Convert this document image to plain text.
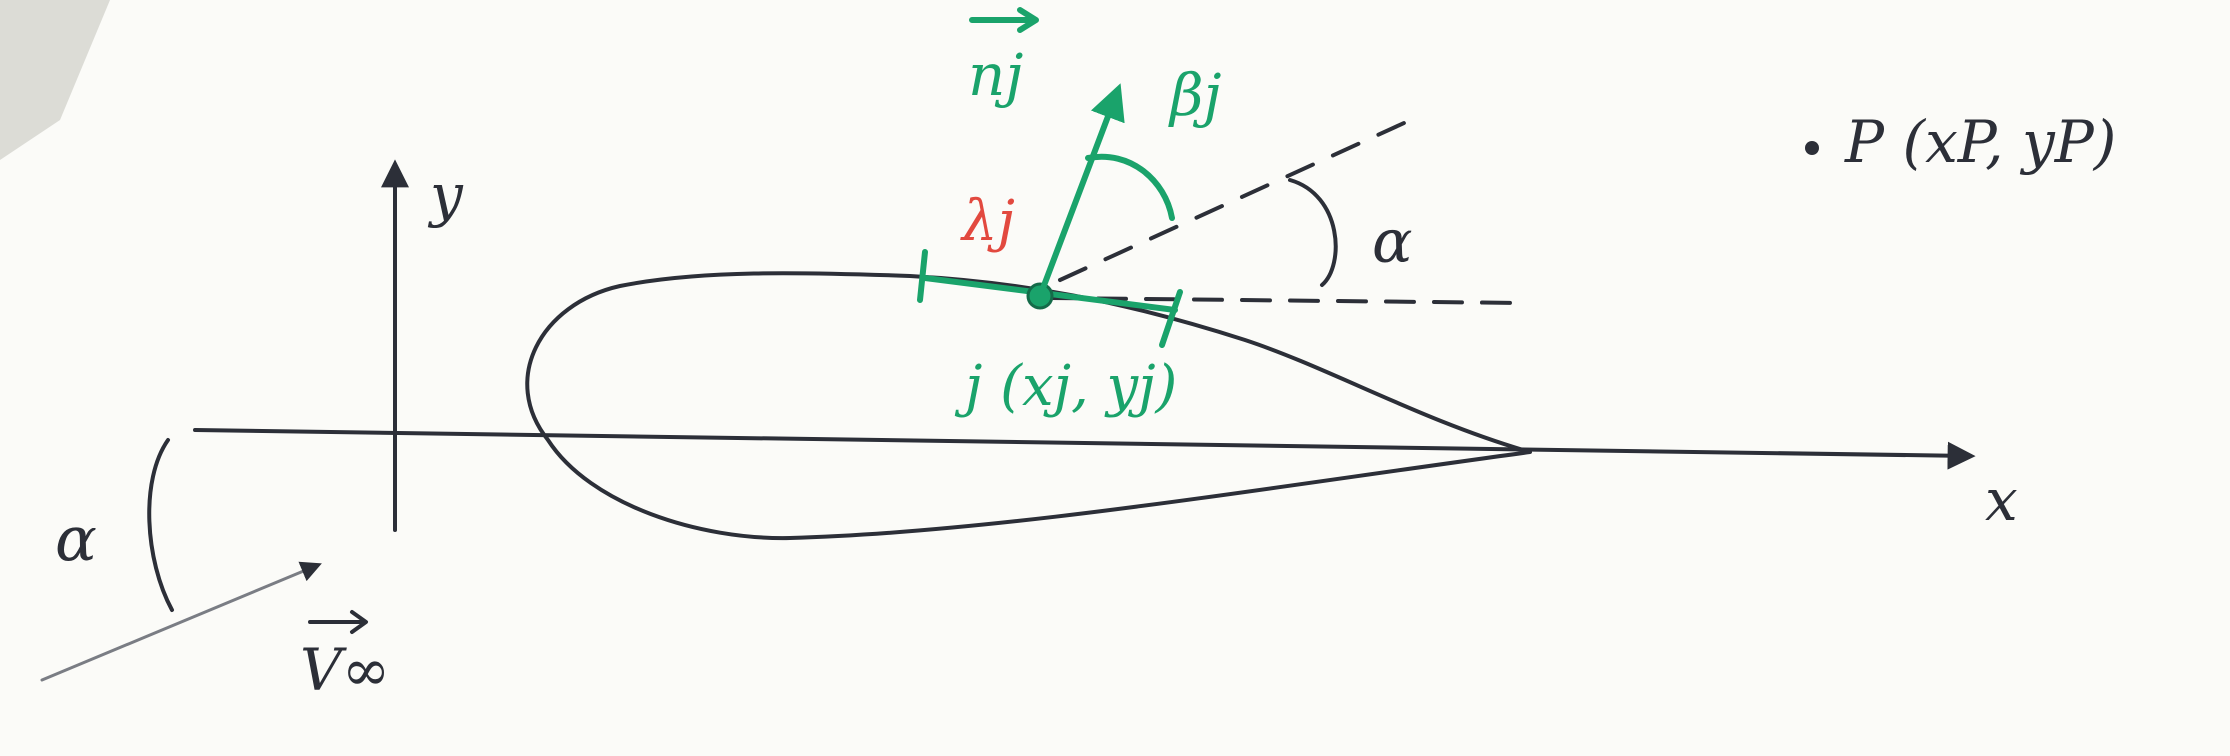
y
x
α
α
V∞
nj	βj
λj
j (xj, yj)
P (xP, yP)
